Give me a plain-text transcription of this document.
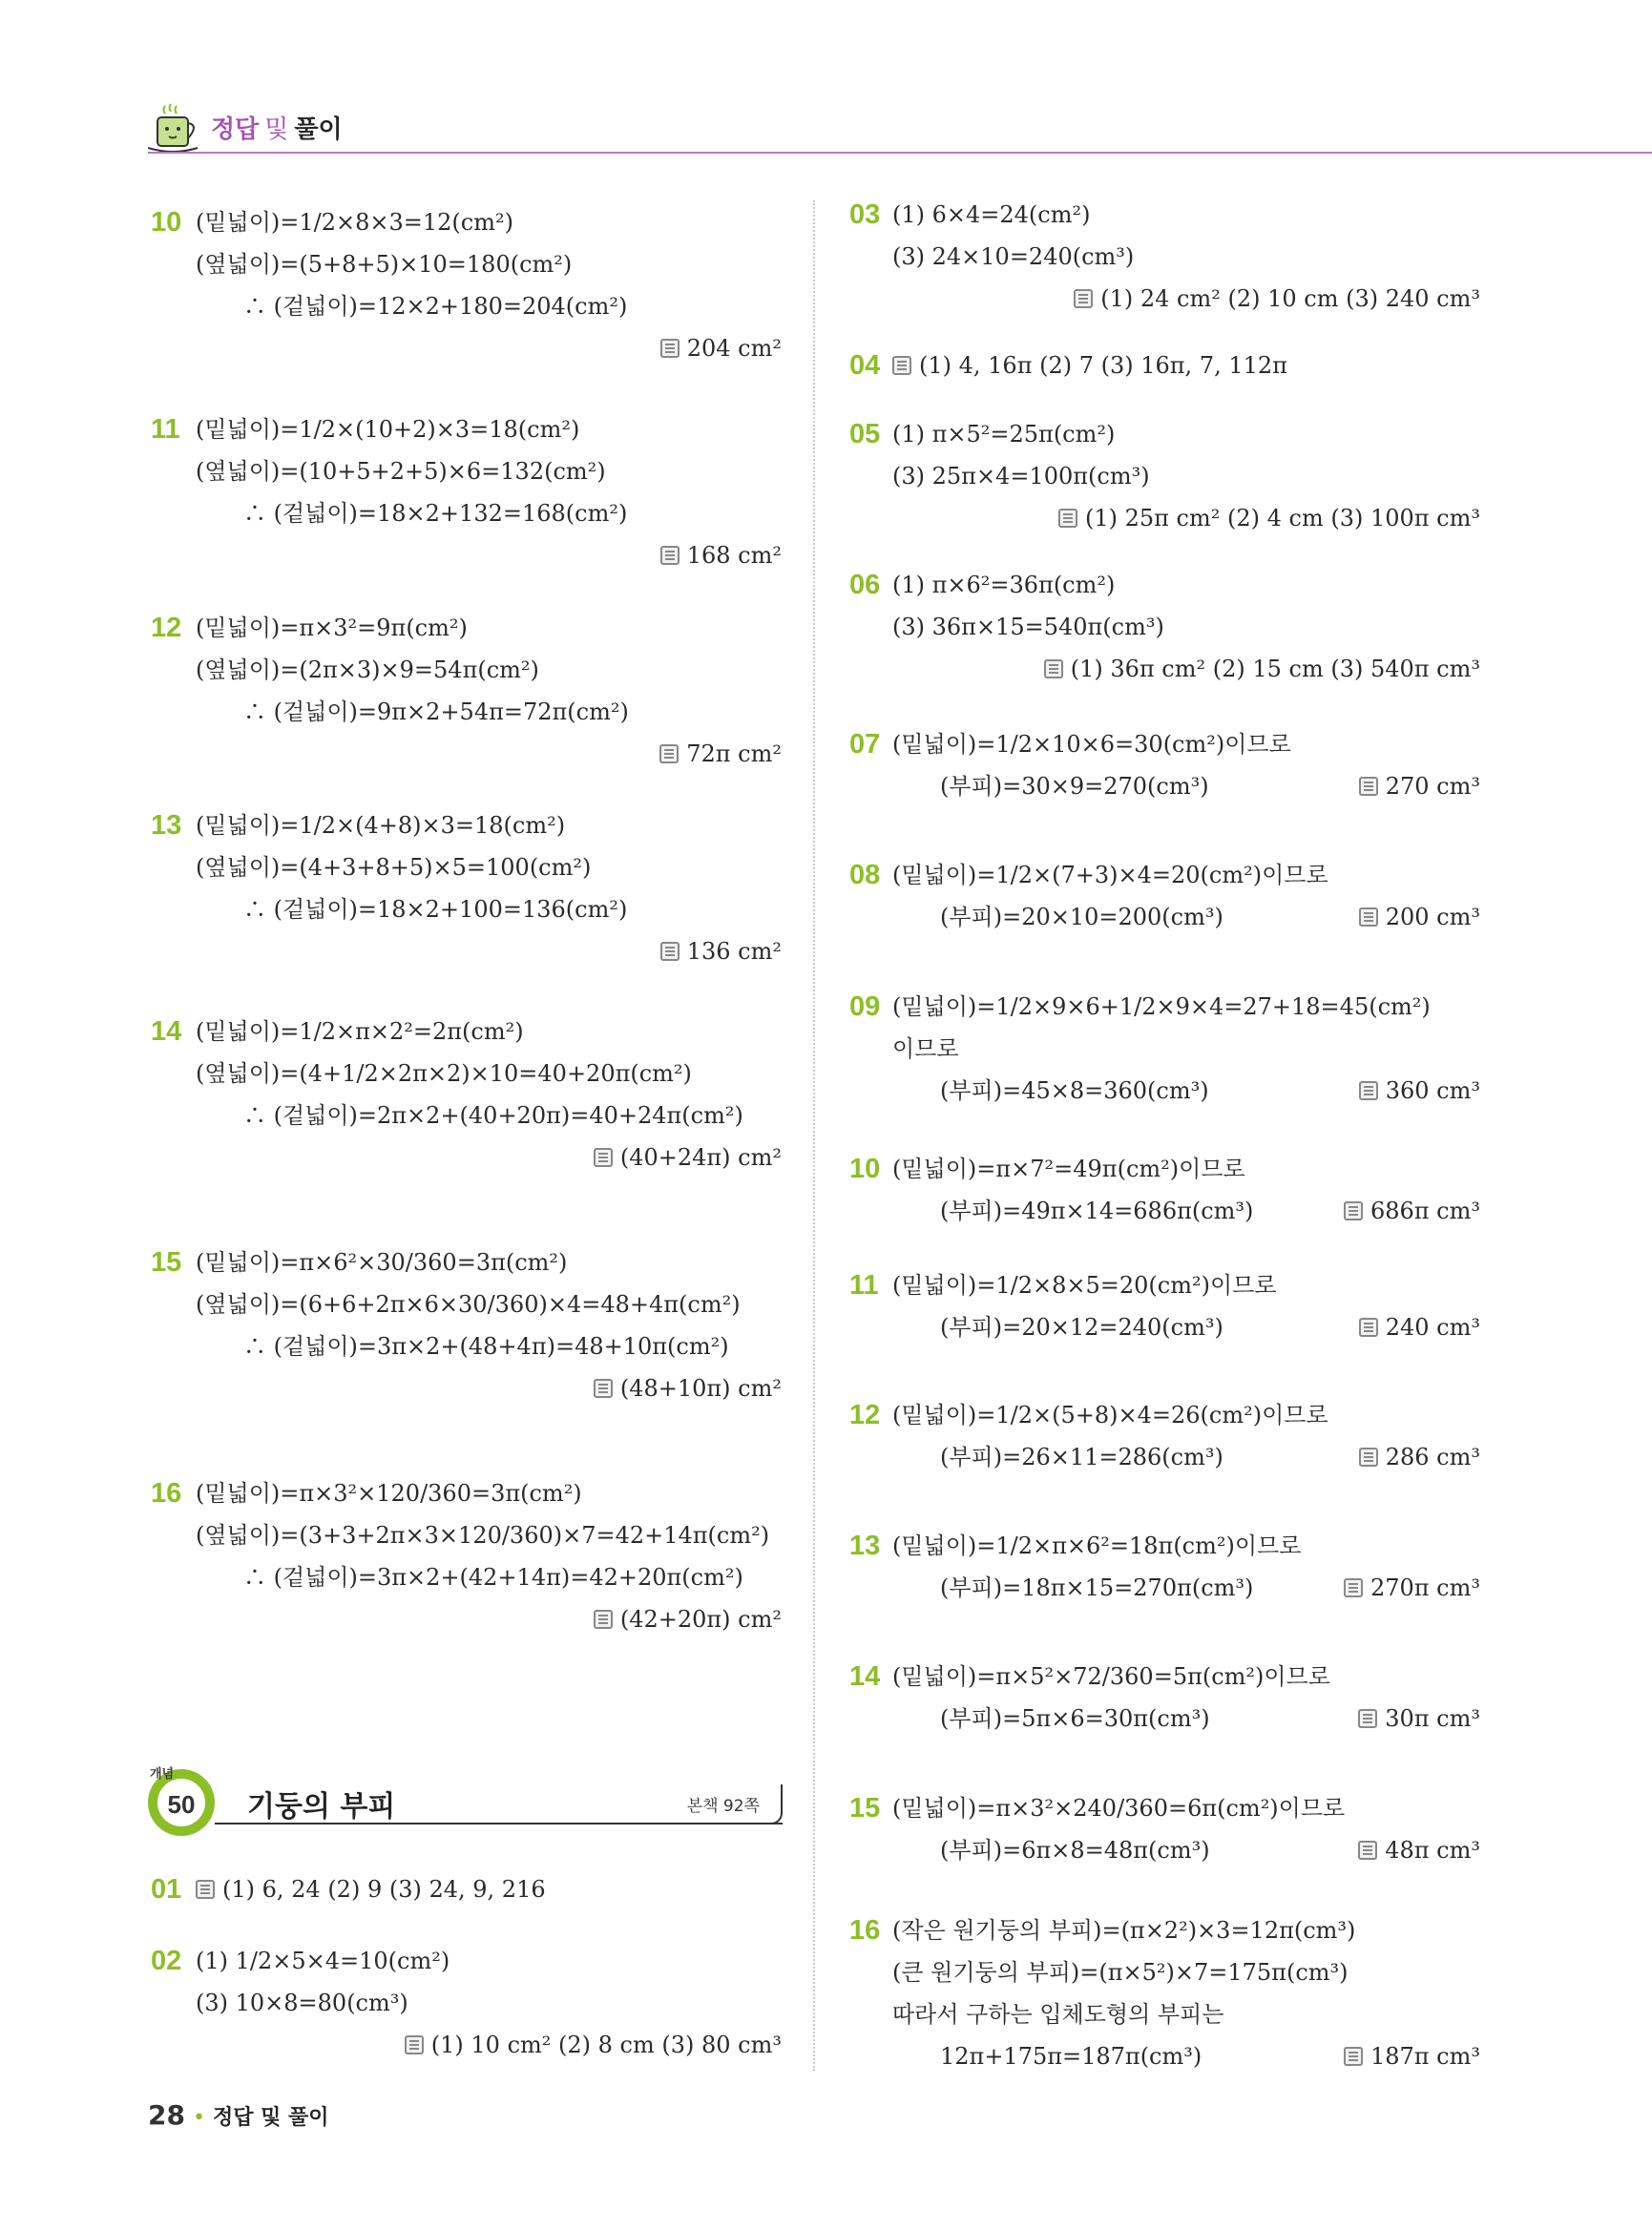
정답 및 풀이
10 (밑넓이)=1/2×8×3=12(cm²)
(옆넓이)=(5+8+5)×10=180(cm²)
∴ (겉넓이)=12×2+180=204(cm²)
204 cm²
11 (밑넓이)=1/2×(10+2)×3=18(cm²)
(옆넓이)=(10+5+2+5)×6=132(cm²)
∴ (겉넓이)=18×2+132=168(cm²)
168 cm²
12 (밑넓이)=π×3²=9π(cm²)
(옆넓이)=(2π×3)×9=54π(cm²)
∴ (겉넓이)=9π×2+54π=72π(cm²)
72π cm²
13 (밑넓이)=1/2×(4+8)×3=18(cm²)
(옆넓이)=(4+3+8+5)×5=100(cm²)
∴ (겉넓이)=18×2+100=136(cm²)
136 cm²
14 (밑넓이)=1/2×π×2²=2π(cm²)
(옆넓이)=(4+1/2×2π×2)×10=40+20π(cm²)
∴ (겉넓이)=2π×2+(40+20π)=40+24π(cm²)
(40+24π) cm²
15 (밑넓이)=π×6²×30/360=3π(cm²)
(옆넓이)=(6+6+2π×6×30/360)×4=48+4π(cm²)
∴ (겉넓이)=3π×2+(48+4π)=48+10π(cm²)
(48+10π) cm²
16 (밑넓이)=π×3²×120/360=3π(cm²)
(옆넓이)=(3+3+2π×3×120/360)×7=42+14π(cm²)
∴ (겉넓이)=3π×2+(42+14π)=42+20π(cm²)
(42+20π) cm²
01	(1) 6, 24 (2) 9 (3) 24, 9, 216
02 (1) 1/2×5×4=10(cm²)
(3) 10×8=80(cm³)
(1) 10 cm² (2) 8 cm (3) 80 cm³
03 (1) 6×4=24(cm²)
(3) 24×10=240(cm³)
(1) 24 cm² (2) 10 cm (3) 240 cm³
04	(1) 4, 16π (2) 7 (3) 16π, 7, 112π
05 (1) π×5²=25π(cm²)
(3) 25π×4=100π(cm³)
(1) 25π cm² (2) 4 cm (3) 100π cm³
06 (1) π×6²=36π(cm²)
(3) 36π×15=540π(cm³)
(1) 36π cm² (2) 15 cm (3) 540π cm³
07 (밑넓이)=1/2×10×6=30(cm²)이므로
(부피)=30×9=270(cm³)	270 cm³
08 (밑넓이)=1/2×(7+3)×4=20(cm²)이므로
(부피)=20×10=200(cm³)	200 cm³
09 (밑넓이)=1/2×9×6+1/2×9×4=27+18=45(cm²)
이므로
(부피)=45×8=360(cm³)	360 cm³
10 (밑넓이)=π×7²=49π(cm²)이므로
(부피)=49π×14=686π(cm³)	686π cm³
11 (밑넓이)=1/2×8×5=20(cm²)이므로
(부피)=20×12=240(cm³)	240 cm³
12 (밑넓이)=1/2×(5+8)×4=26(cm²)이므로
(부피)=26×11=286(cm³)	286 cm³
13 (밑넓이)=1/2×π×6²=18π(cm²)이므로
(부피)=18π×15=270π(cm³)	270π cm³
14 (밑넓이)=π×5²×72/360=5π(cm²)이므로
(부피)=5π×6=30π(cm³)	30π cm³
15 (밑넓이)=π×3²×240/360=6π(cm²)이므로
(부피)=6π×8=48π(cm³)	48π cm³
16 (작은 원기둥의 부피)=(π×2²)×3=12π(cm³)
(큰 원기둥의 부피)=(π×5²)×7=175π(cm³)
따라서 구하는 입체도형의 부피는
12π+175π=187π(cm³)	187π cm³
개념
50	기둥의 부피	본책 92쪽
28 • 정답 및 풀이
